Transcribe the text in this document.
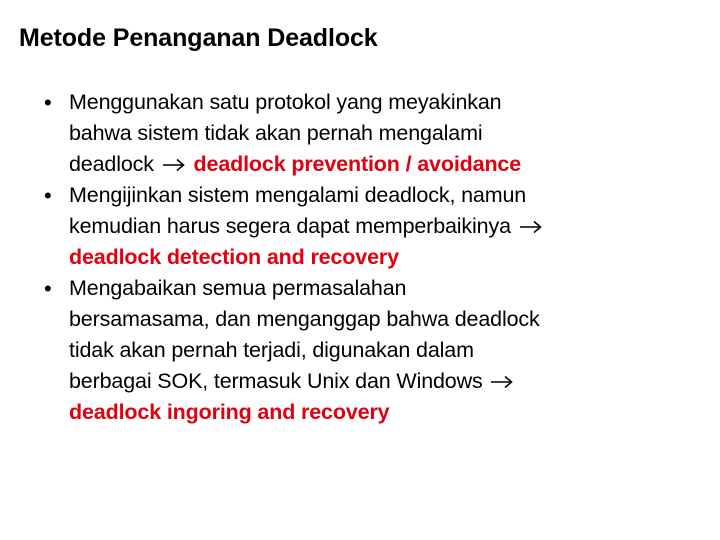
Metode Penanganan Deadlock
• Menggunakan satu protokol yang meyakinkan
bahwa sistem tidak akan pernah mengalami
deadlock deadlock prevention / avoidance
• Mengijinkan sistem mengalami deadlock, namun
kemudian harus segera dapat memperbaikinya
deadlock detection and recovery
• Mengabaikan semua permasalahan
bersamasama, dan menganggap bahwa deadlock
tidak akan pernah terjadi, digunakan dalam
berbagai SOK, termasuk Unix dan Windows
deadlock ingoring and recovery
